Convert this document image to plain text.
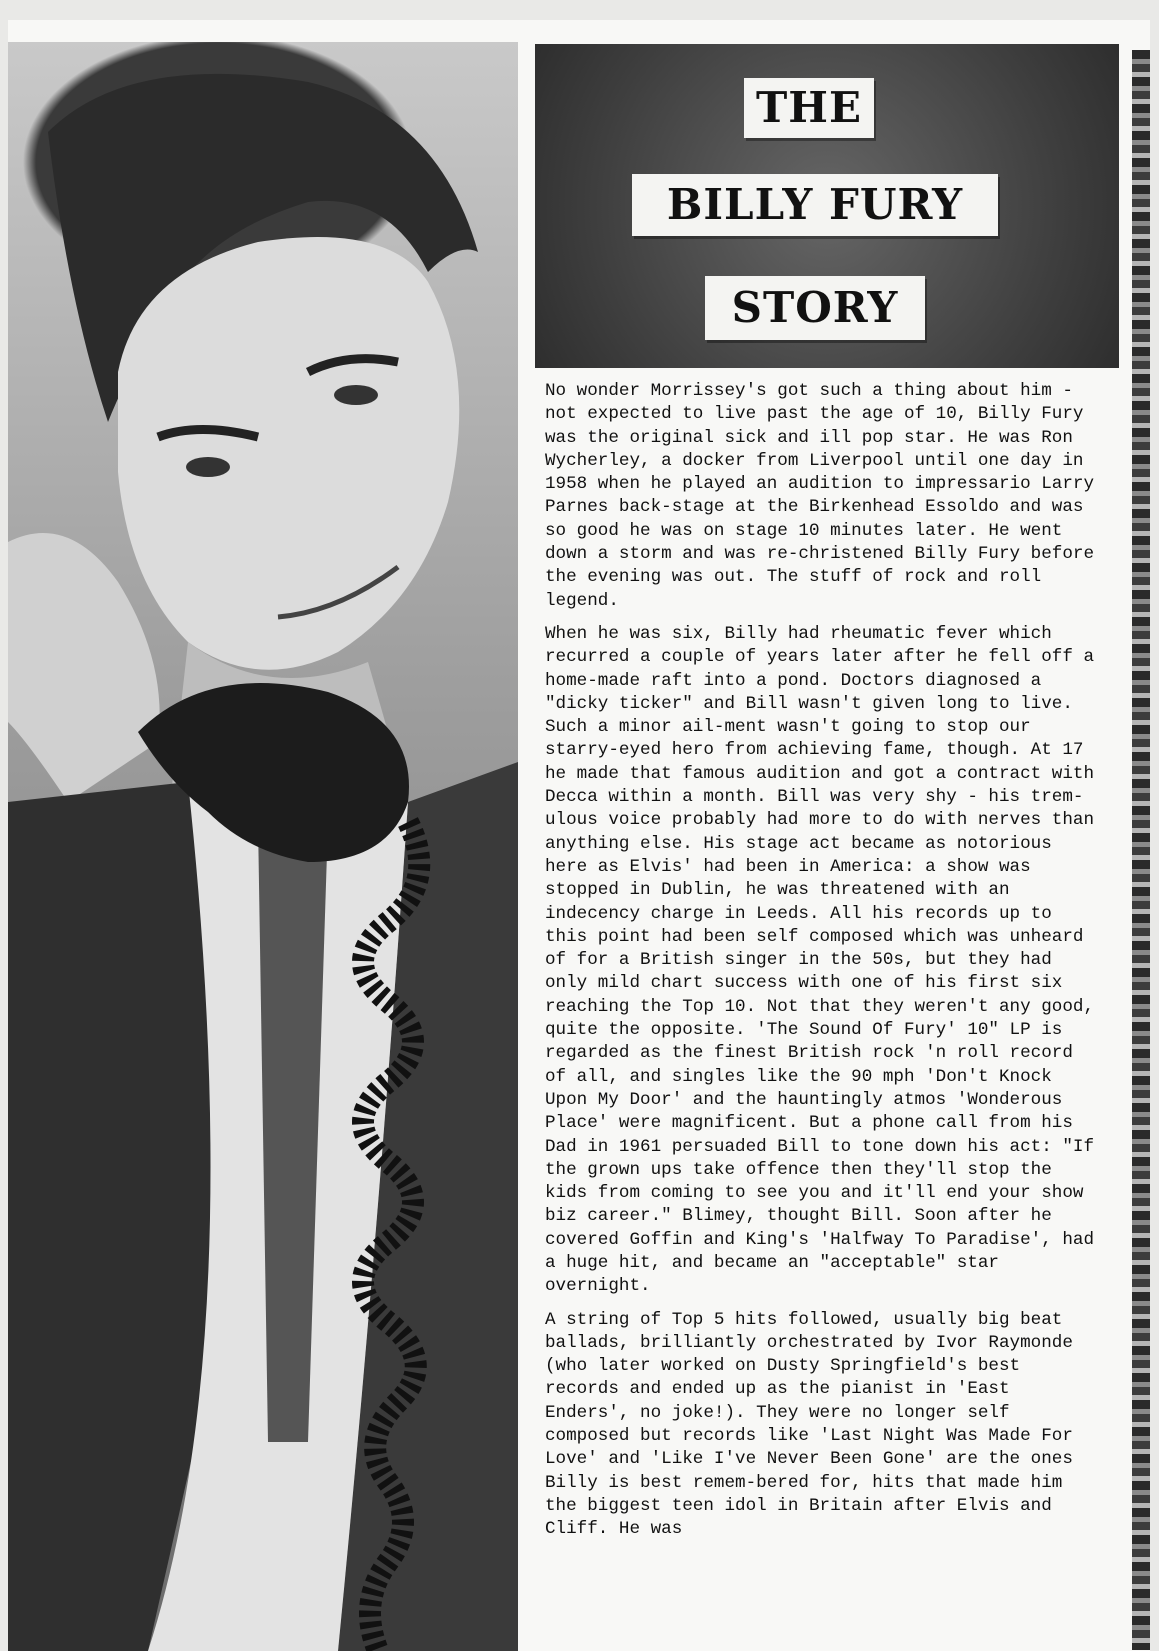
THE
BILLY FURY
STORY

No wonder Morrissey's got such a thing about him - not expected to live past the age of 10, Billy Fury was the original sick and ill pop star. He was Ron Wycherley, a docker from Liverpool until one day in 1958 when he played an audition to impressario Larry Parnes back-stage at the Birkenhead Essoldo and was so good he was on stage 10 minutes later. He went down a storm and was re-christened Billy Fury before the evening was out. The stuff of rock and roll legend.

When he was six, Billy had rheumatic fever which recurred a couple of years later after he fell off a home-made raft into a pond. Doctors diagnosed a "dicky ticker" and Bill wasn't given long to live. Such a minor ail-ment wasn't going to stop our starry-eyed hero from achieving fame, though. At 17 he made that famous audition and got a contract with Decca within a month. Bill was very shy - his trem-ulous voice probably had more to do with nerves than anything else. His stage act became as notorious here as Elvis' had been in America: a show was stopped in Dublin, he was threatened with an indecency charge in Leeds. All his records up to this point had been self composed which was unheard of for a British singer in the 50s, but they had only mild chart success with one of his first six reaching the Top 10. Not that they weren't any good, quite the opposite. 'The Sound Of Fury' 10" LP is regarded as the finest British rock 'n roll record of all, and singles like the 90 mph 'Don't Knock Upon My Door' and the hauntingly atmos 'Wonderous Place' were magnificent. But a phone call from his Dad in 1961 persuaded Bill to tone down his act: "If the grown ups take offence then they'll stop the kids from coming to see you and it'll end your show biz career." Blimey, thought Bill. Soon after he covered Goffin and King's 'Halfway To Paradise', had a huge hit, and became an "acceptable" star overnight.

A string of Top 5 hits followed, usually big beat ballads, brilliantly orchestrated by Ivor Raymonde (who later worked on Dusty Springfield's best records and ended up as the pianist in 'East Enders', no joke!). They were no longer self composed but records like 'Last Night Was Made For Love' and 'Like I've Never Been Gone' are the ones Billy is best remem-bered for, hits that made him the biggest teen idol in Britain after Elvis and Cliff. He was
